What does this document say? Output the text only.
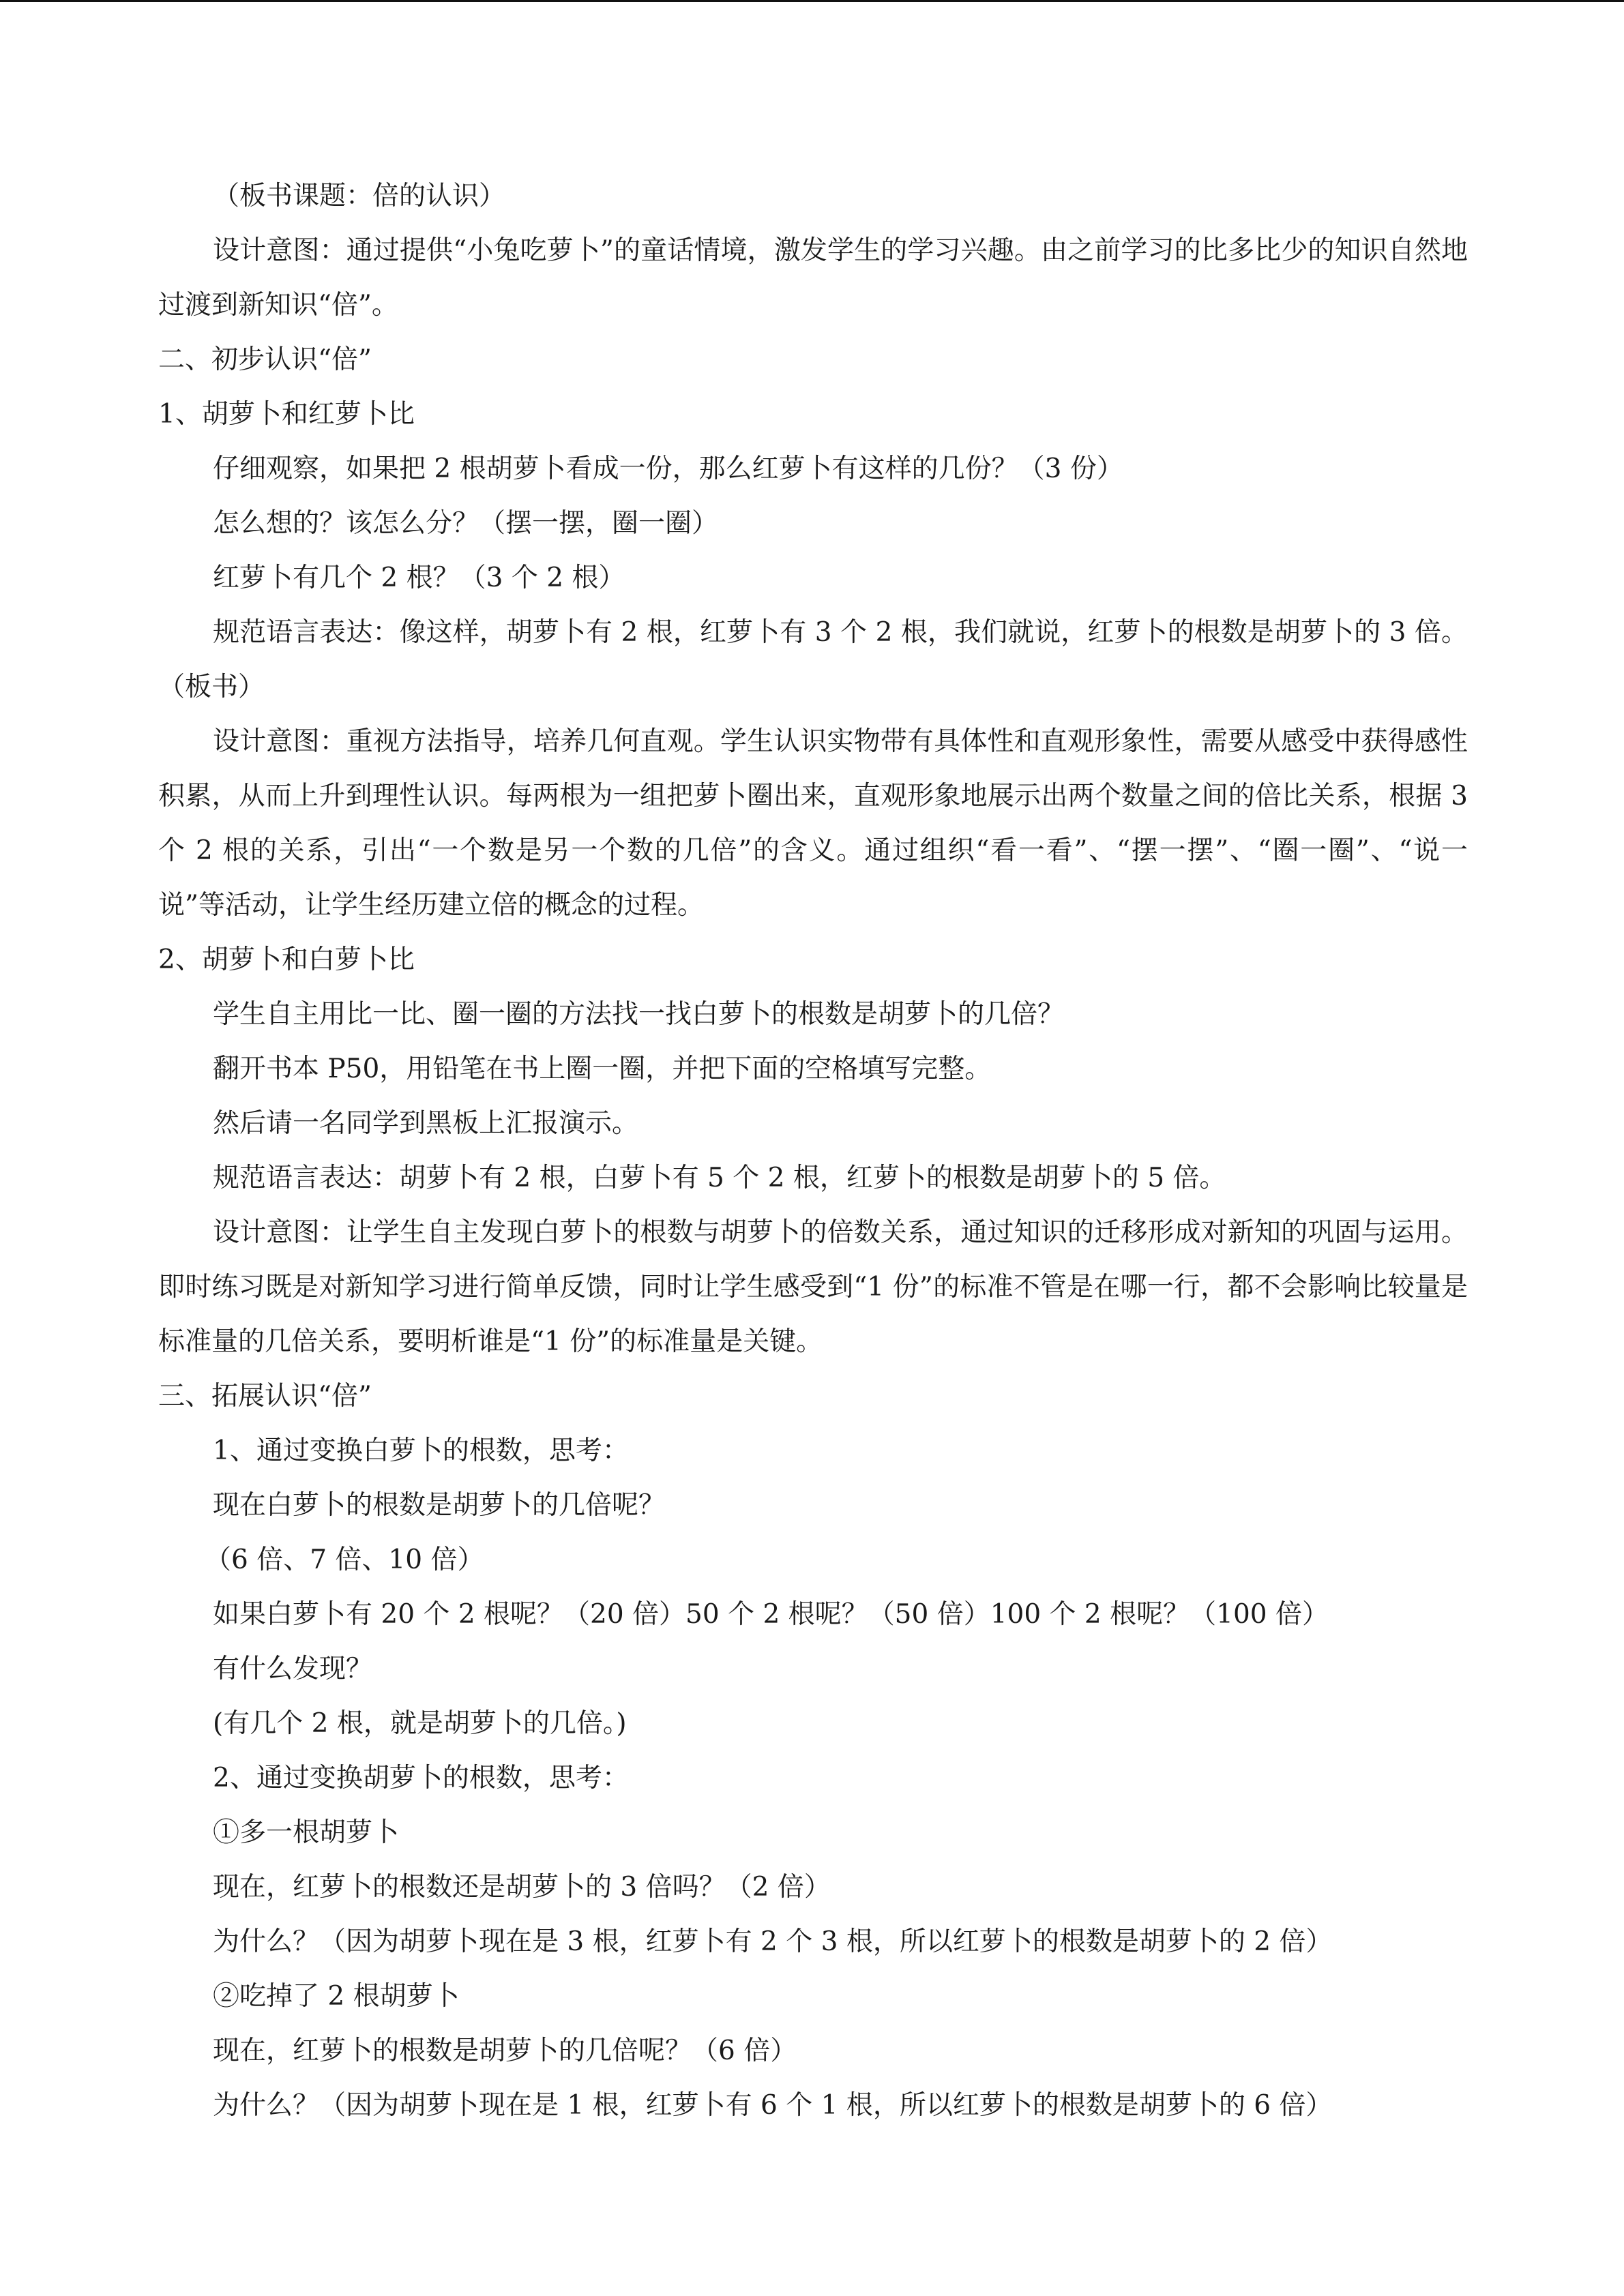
（板书课题：倍的认识）
设计意图：通过提供“小兔吃萝卜”的童话情境，激发学生的学习兴趣。由之前学习的比多比少的知识自然地过渡到新知识“倍”。
二、初步认识“倍”
1、胡萝卜和红萝卜比
仔细观察，如果把 2 根胡萝卜看成一份，那么红萝卜有这样的几份？（3 份）
怎么想的？该怎么分？（摆一摆，圈一圈）
红萝卜有几个 2 根？（3 个 2 根）
规范语言表达：像这样，胡萝卜有 2 根，红萝卜有 3 个 2 根，我们就说，红萝卜的根数是胡萝卜的 3 倍。（板书）
设计意图：重视方法指导，培养几何直观。学生认识实物带有具体性和直观形象性，需要从感受中获得感性积累，从而上升到理性认识。每两根为一组把萝卜圈出来，直观形象地展示出两个数量之间的倍比关系，根据 3 个 2 根的关系，引出“一个数是另一个数的几倍”的含义。通过组织“看一看”、“摆一摆”、“圈一圈”、“说一说”等活动，让学生经历建立倍的概念的过程。
2、胡萝卜和白萝卜比
学生自主用比一比、圈一圈的方法找一找白萝卜的根数是胡萝卜的几倍？
翻开书本 P50，用铅笔在书上圈一圈，并把下面的空格填写完整。
然后请一名同学到黑板上汇报演示。
规范语言表达：胡萝卜有 2 根，白萝卜有 5 个 2 根，红萝卜的根数是胡萝卜的 5 倍。
设计意图：让学生自主发现白萝卜的根数与胡萝卜的倍数关系，通过知识的迁移形成对新知的巩固与运用。即时练习既是对新知学习进行简单反馈，同时让学生感受到“1 份”的标准不管是在哪一行，都不会影响比较量是标准量的几倍关系，要明析谁是“1 份”的标准量是关键。
三、拓展认识“倍”
1、通过变换白萝卜的根数，思考：
现在白萝卜的根数是胡萝卜的几倍呢？
（6 倍、7 倍、10 倍）
如果白萝卜有 20 个 2 根呢？（20 倍）50 个 2 根呢？（50 倍）100 个 2 根呢？（100 倍）
有什么发现？
(有几个 2 根，就是胡萝卜的几倍。)
2、通过变换胡萝卜的根数，思考：
①多一根胡萝卜
现在，红萝卜的根数还是胡萝卜的 3 倍吗？（2 倍）
为什么？（因为胡萝卜现在是 3 根，红萝卜有 2 个 3 根，所以红萝卜的根数是胡萝卜的 2 倍）
②吃掉了 2 根胡萝卜
现在，红萝卜的根数是胡萝卜的几倍呢？（6 倍）
为什么？（因为胡萝卜现在是 1 根，红萝卜有 6 个 1 根，所以红萝卜的根数是胡萝卜的 6 倍）
